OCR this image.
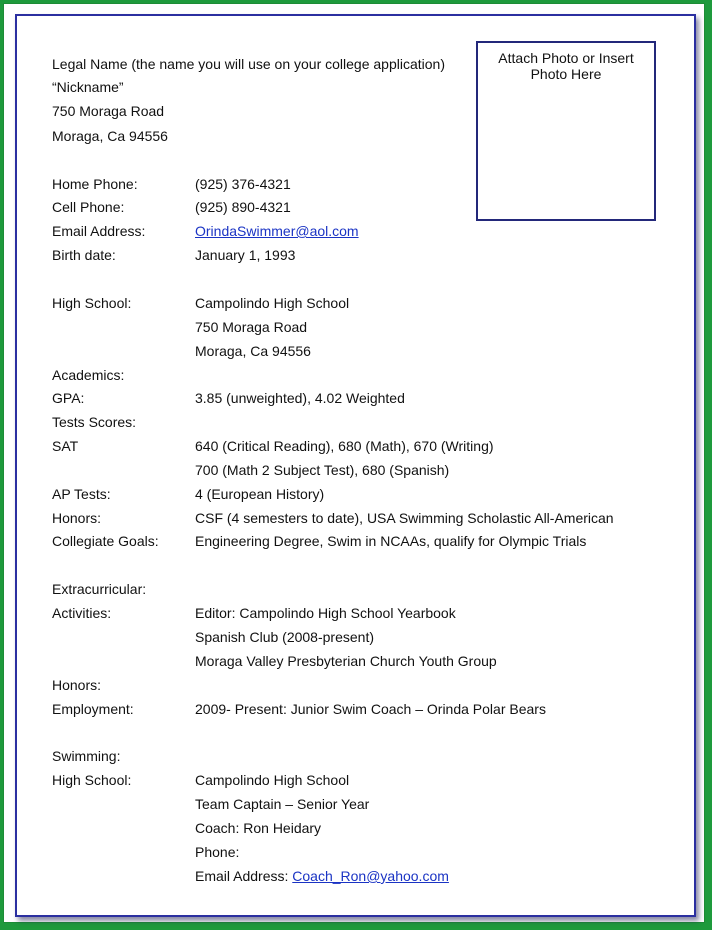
Attach Photo or Insert
Photo Here
Legal Name (the name you will use on your college application)
“Nickname”
750 Moraga Road
Moraga, Ca 94556
Home Phone:	(925) 376-4321
Cell Phone:	(925) 890-4321
Email Address:	OrindaSwimmer@aol.com
Birth date:	January 1, 1993
High School:	Campolindo High School
750 Moraga Road
Moraga, Ca 94556
Academics:
GPA:	3.85 (unweighted), 4.02 Weighted
Tests Scores:
SAT	640 (Critical Reading), 680 (Math), 670 (Writing)
700 (Math 2 Subject Test), 680 (Spanish)
AP Tests:	4 (European History)
Honors:	CSF (4 semesters to date), USA Swimming Scholastic All-American
Collegiate Goals:	Engineering Degree, Swim in NCAAs, qualify for Olympic Trials
Extracurricular:
Activities:	Editor: Campolindo High School Yearbook
Spanish Club (2008-present)
Moraga Valley Presbyterian Church Youth Group
Honors:
Employment:	2009- Present: Junior Swim Coach – Orinda Polar Bears
Swimming:
High School:	Campolindo High School
Team Captain – Senior Year
Coach: Ron Heidary
Phone:
Email Address: Coach_Ron@yahoo.com
